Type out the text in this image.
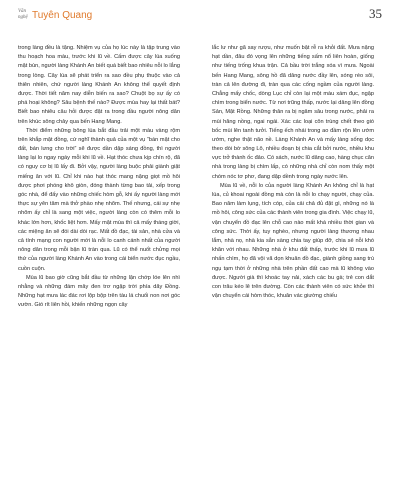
Văn
nghệ Tuyên Quang	35

trong làng đều là tặng. Nhiệm vụ của họ lúc này là tập trung vào thu hoạch hoa màu, trước khi lũ về. Cấm được cây lúa xuống mặt bùn, người làng Khánh An biết quá biết bao nhiêu nỗi lo lắng trong lòng. Cây lúa sẽ phát triển ra sao đều phụ thuộc vào cả thiên nhiên, chứ người làng Khánh An không thể quyết định được. Thời tiết năm nay diễn biến ra sao? Chuột bọ sự ấy có phá hoại không? Sâu bệnh thế nào? Được mùa hay lại thất bát? Biết bao nhiêu câu hỏi được đặt ra trong đầu người nông dân trên khúc sông chảy qua bến Hang Mang.

Thời điểm những bông lúa bắt đầu trải một màu vàng rộm trên khắp mặt đồng, cứ nghĩ thành quả của một vụ “bán mặt cho đất, bán lưng cho trời” sẽ được dần dập sáng đồng, thì người làng lại lo ngay ngáy mỗi khi lũ về. Hạt thóc chưa kịp chín rộ, đã có nguy cơ bị lũ lấy đi. Bởi vậy, người làng buộc phải giành giật miếng ăn với lũ. Chỉ khi nào hạt thóc mang nặng giọt mồ hôi được phơi phóng khô giòn, đóng thành từng bao tải, xếp trong góc nhà, để đấy vào những chiếc hòm gỗ, khi ấy người làng mới thực sự yên tâm mà thở phào nhẹ nhõm. Thế nhưng, cái sự nhẹ nhõm ấy chỉ là sang một việc, người làng còn có thêm mỗi lo khác lớn hơn, khốc liệt hơn. Mấy mặt mùa thì cả mấy tháng giời, các miệng ăn sẽ đói dài dòi rạc. Mất đồ đạc, tài sản, nhà cửa và cả tính mạng con người mới là nỗi lo canh cánh nhất của người nông dân trong mỗi bận lũ tràn qua. Lũ có thể nuốt chửng mọi thứ của người làng Khánh An vào trong cái biển nước đục ngầu, cuồn cuộn.

Mùa lũ bao giờ cũng bắt đầu từ những lặn chớp lóe lên nhì nhằng và những đám mây đen trơ ngập trời phía dãy Đồng. Những hạt mưa lác đác rơi lộp bộp trên tàu lá chuối non nơi góc vườn. Gió rít liên hồi, khiến những ngọn cây

lắc lư như gã say rượu, như muốn bật rễ ra khỏi đất. Mưa nặng hạt dần, đâu đó vọng lên những tiếng sấm nổ liên hoàn, giống như tiếng trống khua trận. Cả bầu trời trắng xóa vì mưa. Ngoài bến Hang Mang, sông hồ đã dâng nước đầy lên, sóng réo sôi, tràn cả lên đường đi, tràn qua các cống ngầm của người làng. Chẳng mấy chốc, dòng Lục chỉ còn lại một màu xám đục, ngập chìm trong biển nước. Từ nơi trũng thấp, nước lại dâng lên đồng Sản, Mặt Rồng. Những thân ra bị ngâm sâu trong nước, phải ra mùi hăng nồng, ngai ngái. Xác các loại côn trùng chết theo gió bốc mùi lên tanh tưởi. Tiếng ếch nhái trong ao đầm rộn lên ướm ướm, nghe thật não nề. Làng Khánh An và mấy làng sống dọc theo dòi bờ sông Lô, nhiều đoạn bị chia cắt bởi nước, nhiều khu vực trở thành ốc đảo. Có sách, nước lũ dâng cao, hàng chục căn nhà trong làng bị chìm lấp, có những nhà chỉ còn nom thấy một chóm nóc tơ phơ, đang dập dềnh trong ngày nước lên.

Mùa lũ về, nỗi lo của người làng Khánh An không chỉ là hạt lúa, củ khoai ngoài đồng mà còn là nỗi lo chạy người, chạy của. Bao năm làm lụng, tích cóp, của cải chả đủ đặt gì, những nó là mồ hôi, công sức của các thành viên trong gia đình. Việc chạy lũ, vận chuyển đồ đạc lên chỗ cao nào mất khá nhiều thời gian và công sức. Thời ấy, tuy nghèo, nhưng người làng thương nhau lắm, nhà nọ, nhà kia sẵn sàng chia tay giúp đỡ, chia sẻ nỗi khó khăn với nhau. Những nhà ở khu đất thấp, trước khi lũ mưa lũ nhấn chìm, họ đã vội vã dọn khuân đồ đạc, giành giồng sang trú ngụ tạm thời ở những nhà trên phần đất cao mà lũ không vào được. Người già thì khoác tay nải, xách các bu gà; trẻ con dắt con trâu kéo lê trên đường. Còn các thành viên có sức khỏe thì vận chuyển cái hòm thóc, khuân vác giường chiếu
